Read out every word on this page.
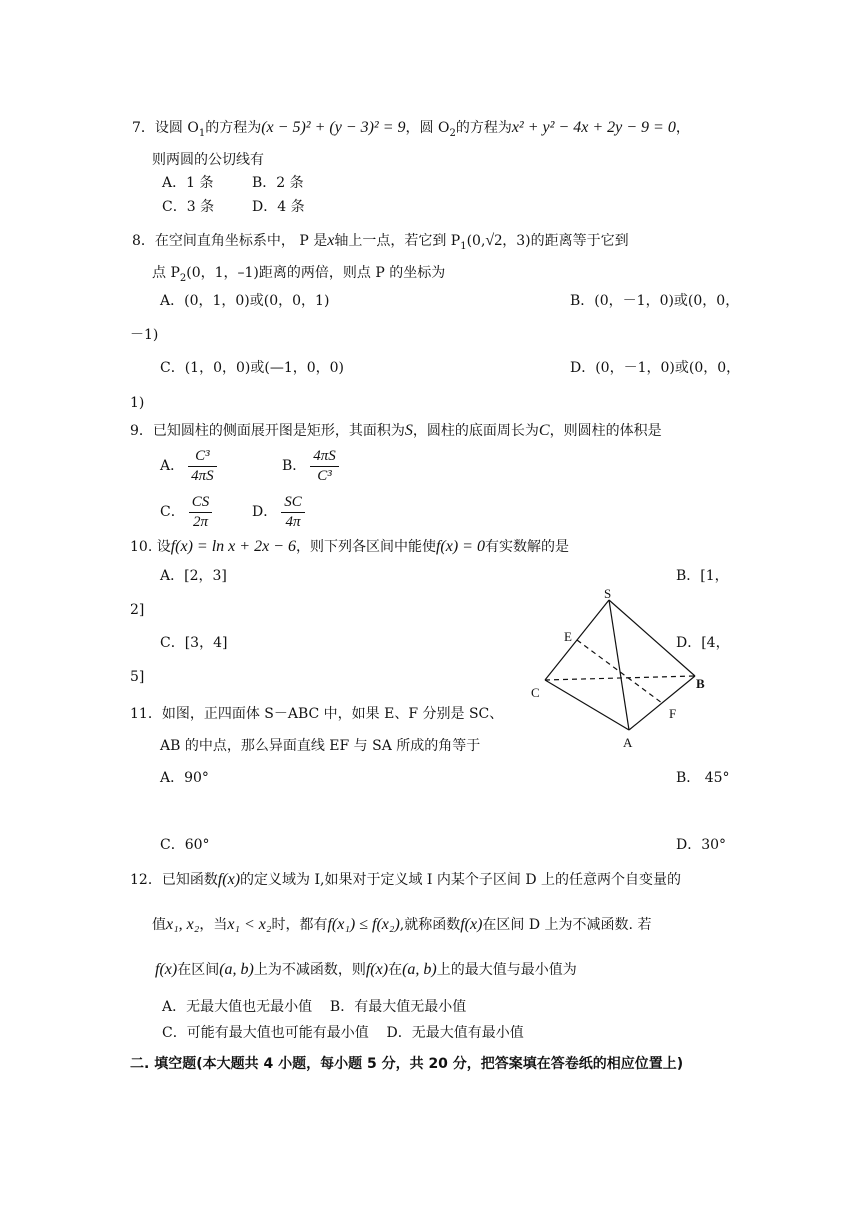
7．设圆 $O_1$的方程为(x − 5)² + (y − 3)² = 9，圆 $O_2$的方程为x² + y² − 4x + 2y − 9 = 0，
则两圆的公切线有
A．1 条	B．2 条
C．3 条	D．4 条
8．在空间直角坐标系中， P 是x轴上一点，若它到 $P_1(0,√2$，3)的距离等于它到
点 $P_2(0$，1，–1)距离的两倍，则点 P 的坐标为
A．(0，1，0)或(0，0，1)	B．(0，－1，0)或(0，0，
－1)
C．(1，0，0)或(—1，0，0)	D．(0，－1，0)或(0，0，
1)
9．已知圆柱的侧面展开图是矩形，其面积为S，圆柱的底面周长为C，则圆柱的体积是
A． $\frac{\text{C³}}{4\pi S}$	B． $\frac{4\pi S}{\text{C³}}$
C． $\frac{CS}{2\pi}$	D． $\frac{SC}{4\pi}$
10. 设f(x) = ln x + 2x − 6，则下列各区间中能使f(x) = 0有实数解的是
A．[2，3]	B．[1，
2]
C．[3，4]	D．[4，
5]
S
E
C
B
F
A
11．如图，正四面体 S－ABC 中，如果 E、F 分别是 SC、
AB 的中点，那么异面直线 EF 与 SA 所成的角等于
A．90°	B． 45°
C．60°	D．30°
12．已知函数f(x)的定义域为 I,如果对于定义域 I 内某个子区间 D 上的任意两个自变量的
值x₁, x₂，当x₁ < x₂时，都有f(x₁) ≤ f(x₂),就称函数f(x)在区间 D 上为不减函数. 若
f(x)在区间(a, b)上为不减函数，则f(x)在(a, b)上的最大值与最小值为
A．无最大值也无最小值    B．有最大值无最小值
C．可能有最大值也可能有最小值    D．无最大值有最小值
二. 填空题(本大题共 4 小题，每小题 5 分，共 20 分，把答案填在答卷纸的相应位置上)
